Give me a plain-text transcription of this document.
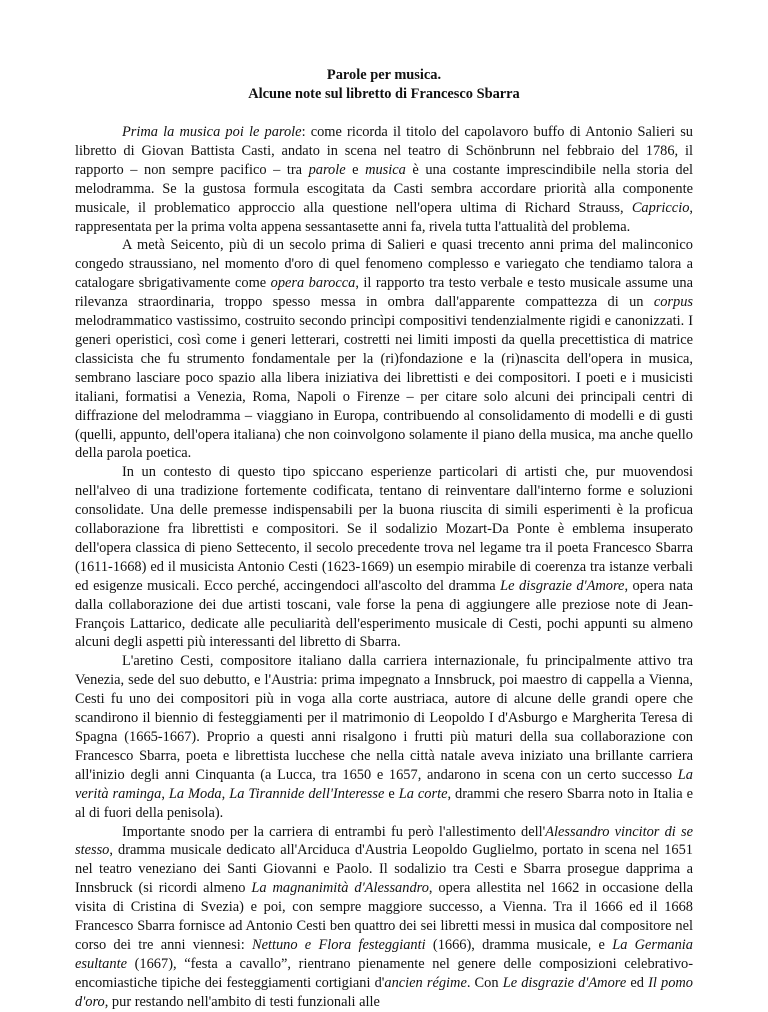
Parole per musica.
Alcune note sul libretto di Francesco Sbarra

Prima la musica poi le parole: come ricorda il titolo del capolavoro buffo di Antonio Salieri su libretto di Giovan Battista Casti, andato in scena nel teatro di Schönbrunn nel febbraio del 1786, il rapporto – non sempre pacifico – tra parole e musica è una costante imprescindibile nella storia del melodramma. Se la gustosa formula escogitata da Casti sembra accordare priorità alla componente musicale, il problematico approccio alla questione nell'opera ultima di Richard Strauss, Capriccio, rappresentata per la prima volta appena sessantasette anni fa, rivela tutta l'attualità del problema.

A metà Seicento, più di un secolo prima di Salieri e quasi trecento anni prima del malinconico congedo straussiano, nel momento d'oro di quel fenomeno complesso e variegato che tendiamo talora a catalogare sbrigativamente come opera barocca, il rapporto tra testo verbale e testo musicale assume una rilevanza straordinaria, troppo spesso messa in ombra dall'apparente compattezza di un corpus melodrammatico vastissimo, costruito secondo princìpi compositivi tendenzialmente rigidi e canonizzati. I generi operistici, così come i generi letterari, costretti nei limiti imposti da quella precettistica di matrice classicista che fu strumento fondamentale per la (ri)fondazione e la (ri)nascita dell'opera in musica, sembrano lasciare poco spazio alla libera iniziativa dei librettisti e dei compositori. I poeti e i musicisti italiani, formatisi a Venezia, Roma, Napoli o Firenze – per citare solo alcuni dei principali centri di diffrazione del melodramma – viaggiano in Europa, contribuendo al consolidamento di modelli e di gusti (quelli, appunto, dell'opera italiana) che non coinvolgono solamente il piano della musica, ma anche quello della parola poetica.

In un contesto di questo tipo spiccano esperienze particolari di artisti che, pur muovendosi nell'alveo di una tradizione fortemente codificata, tentano di reinventare dall'interno forme e soluzioni consolidate. Una delle premesse indispensabili per la buona riuscita di simili esperimenti è la proficua collaborazione fra librettisti e compositori. Se il sodalizio Mozart-Da Ponte è emblema insuperato dell'opera classica di pieno Settecento, il secolo precedente trova nel legame tra il poeta Francesco Sbarra (1611-1668) ed il musicista Antonio Cesti (1623-1669) un esempio mirabile di coerenza tra istanze verbali ed esigenze musicali. Ecco perché, accingendoci all'ascolto del dramma Le disgrazie d'Amore, opera nata dalla collaborazione dei due artisti toscani, vale forse la pena di aggiungere alle preziose note di Jean-François Lattarico, dedicate alle peculiarità dell'esperimento musicale di Cesti, pochi appunti su almeno alcuni degli aspetti più interessanti del libretto di Sbarra.

L'aretino Cesti, compositore italiano dalla carriera internazionale, fu principalmente attivo tra Venezia, sede del suo debutto, e l'Austria: prima impegnato a Innsbruck, poi maestro di cappella a Vienna, Cesti fu uno dei compositori più in voga alla corte austriaca, autore di alcune delle grandi opere che scandirono il biennio di festeggiamenti per il matrimonio di Leopoldo I d'Asburgo e Margherita Teresa di Spagna (1665-1667). Proprio a questi anni risalgono i frutti più maturi della sua collaborazione con Francesco Sbarra, poeta e librettista lucchese che nella città natale aveva iniziato una brillante carriera all'inizio degli anni Cinquanta (a Lucca, tra 1650 e 1657, andarono in scena con un certo successo La verità raminga, La Moda, La Tirannide dell'Interesse e La corte, drammi che resero Sbarra noto in Italia e al di fuori della penisola).

Importante snodo per la carriera di entrambi fu però l'allestimento dell'Alessandro vincitor di se stesso, dramma musicale dedicato all'Arciduca d'Austria Leopoldo Guglielmo, portato in scena nel 1651 nel teatro veneziano dei Santi Giovanni e Paolo. Il sodalizio tra Cesti e Sbarra prosegue dapprima a Innsbruck (si ricordi almeno La magnanimità d'Alessandro, opera allestita nel 1662 in occasione della visita di Cristina di Svezia) e poi, con sempre maggiore successo, a Vienna. Tra il 1666 ed il 1668 Francesco Sbarra fornisce ad Antonio Cesti ben quattro dei sei libretti messi in musica dal compositore nel corso dei tre anni viennesi: Nettuno e Flora festeggianti (1666), dramma musicale, e La Germania esultante (1667), “festa a cavallo”, rientrano pienamente nel genere delle composizioni celebrativo-encomiastiche tipiche dei festeggiamenti cortigiani d'ancien régime. Con Le disgrazie d'Amore ed Il pomo d'oro, pur restando nell'ambito di testi funzionali alle
